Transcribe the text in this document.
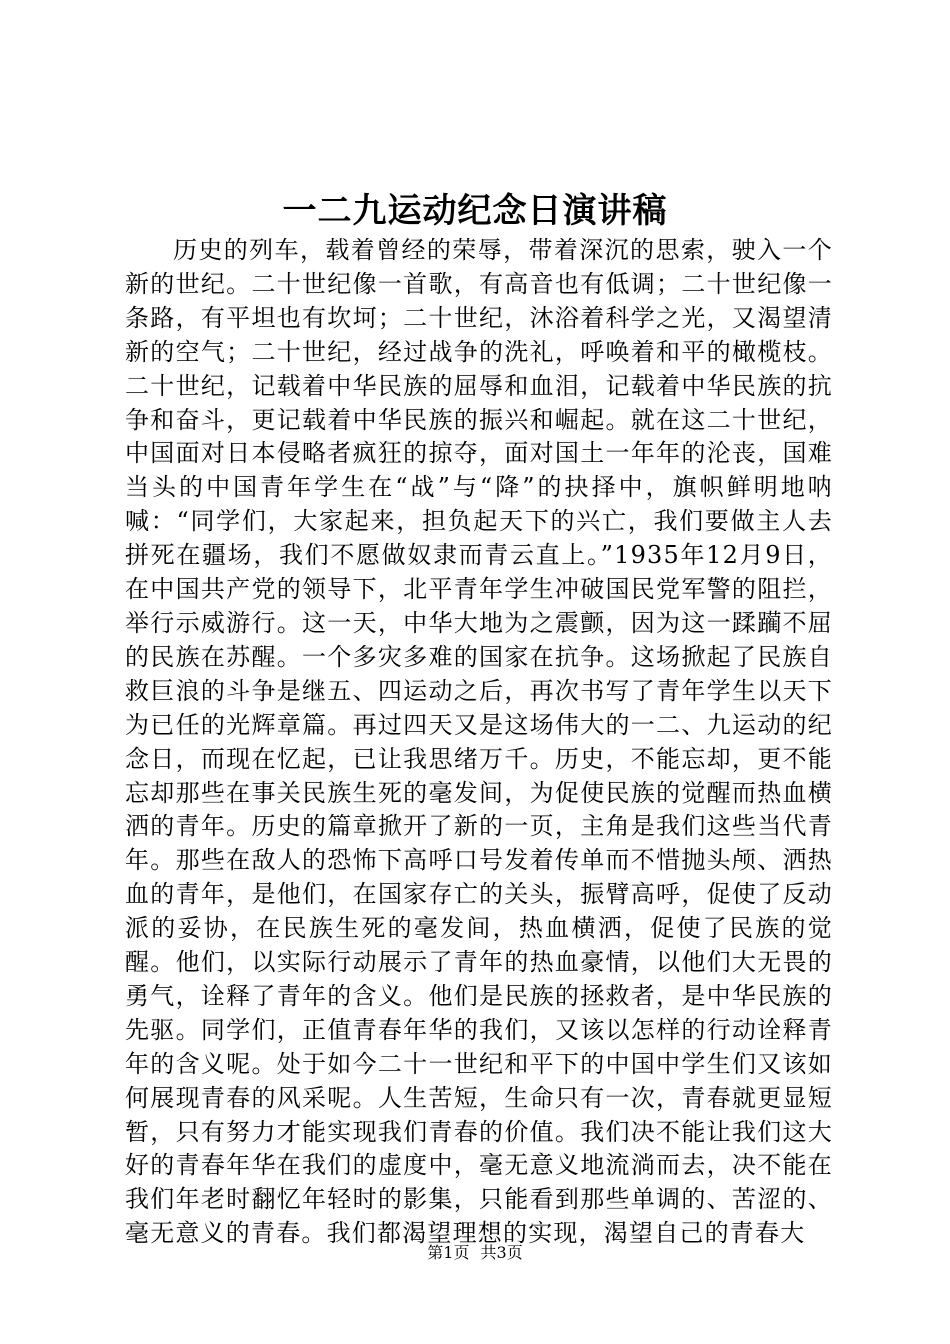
一二九运动纪念日演讲稿

历史的列车，载着曾经的荣辱，带着深沉的思索，驶入一个新的世纪。二十世纪像一首歌，有高音也有低调；二十世纪像一条路，有平坦也有坎坷；二十世纪，沐浴着科学之光，又渴望清新的空气；二十世纪，经过战争的洗礼，呼唤着和平的橄榄枝。二十世纪，记载着中华民族的屈辱和血泪，记载着中华民族的抗争和奋斗，更记载着中华民族的振兴和崛起。就在这二十世纪，中国面对日本侵略者疯狂的掠夺，面对国土一年年的沦丧，国难当头的中国青年学生在“战”与“降”的抉择中，旗帜鲜明地呐喊：“同学们，大家起来，担负起天下的兴亡，我们要做主人去拼死在疆场，我们不愿做奴隶而青云直上。”1935年12月9日，在中国共产党的领导下，北平青年学生冲破国民党军警的阻拦，举行示威游行。这一天，中华大地为之震颤，因为这一蹂躏不屈的民族在苏醒。一个多灾多难的国家在抗争。这场掀起了民族自救巨浪的斗争是继五、四运动之后，再次书写了青年学生以天下为已任的光辉章篇。再过四天又是这场伟大的一二、九运动的纪念日，而现在忆起，已让我思绪万千。历史，不能忘却，更不能忘却那些在事关民族生死的毫发间，为促使民族的觉醒而热血横洒的青年。历史的篇章掀开了新的一页，主角是我们这些当代青年。那些在敌人的恐怖下高呼口号发着传单而不惜抛头颅、洒热血的青年，是他们，在国家存亡的关头，振臂高呼，促使了反动派的妥协，在民族生死的毫发间，热血横洒，促使了民族的觉醒。他们，以实际行动展示了青年的热血豪情，以他们大无畏的勇气，诠释了青年的含义。他们是民族的拯救者，是中华民族的先驱。同学们，正值青春年华的我们，又该以怎样的行动诠释青年的含义呢。处于如今二十一世纪和平下的中国中学生们又该如何展现青春的风采呢。人生苦短，生命只有一次，青春就更显短暂，只有努力才能实现我们青春的价值。我们决不能让我们这大好的青春年华在我们的虚度中，毫无意义地流淌而去，决不能在我们年老时翻忆年轻时的影集，只能看到那些单调的、苦涩的、毫无意义的青春。我们都渴望理想的实现，渴望自己的青春大

第1页 共3页
